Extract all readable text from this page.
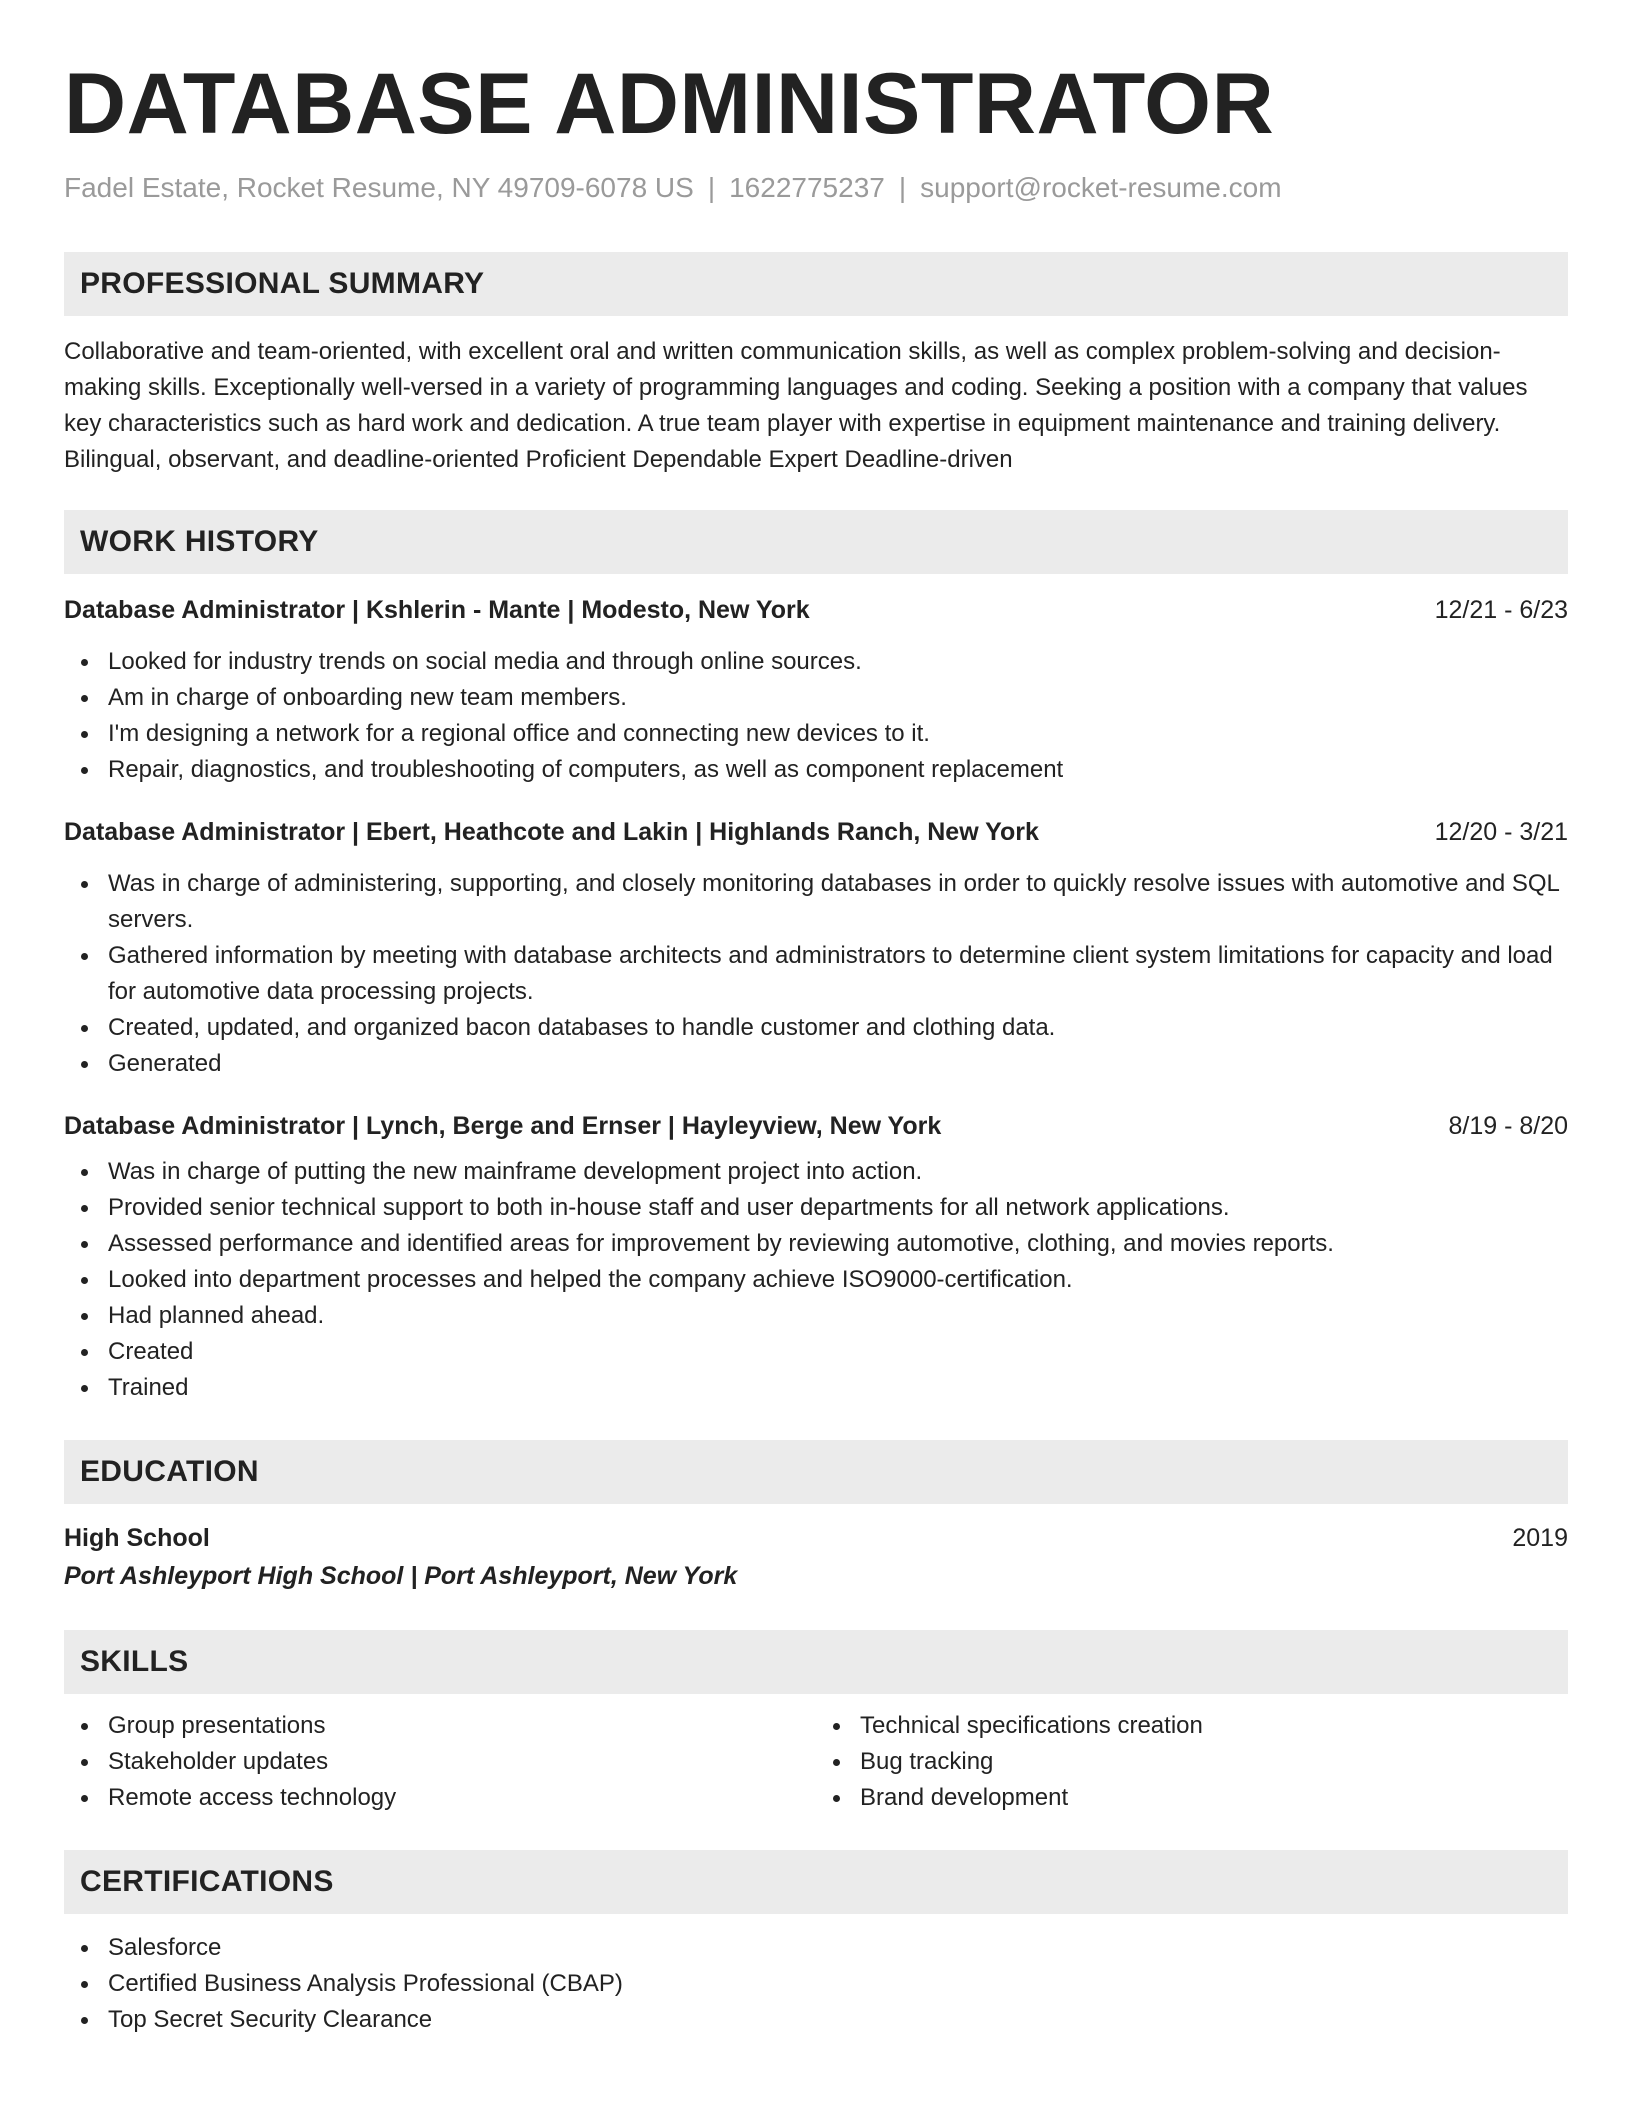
DATABASE ADMINISTRATOR
Fadel Estate, Rocket Resume, NY 49709-6078 US | 1622775237 | support@rocket-resume.com
PROFESSIONAL SUMMARY
Collaborative and team-oriented, with excellent oral and written communication skills, as well as complex problem-solving and decision-making skills. Exceptionally well-versed in a variety of programming languages and coding. Seeking a position with a company that values key characteristics such as hard work and dedication. A true team player with expertise in equipment maintenance and training delivery. Bilingual, observant, and deadline-oriented Proficient Dependable Expert Deadline-driven
WORK HISTORY
Database Administrator | Kshlerin - Mante | Modesto, New York	12/21 - 6/23
Looked for industry trends on social media and through online sources.
Am in charge of onboarding new team members.
I'm designing a network for a regional office and connecting new devices to it.
Repair, diagnostics, and troubleshooting of computers, as well as component replacement
Database Administrator | Ebert, Heathcote and Lakin | Highlands Ranch, New York	12/20 - 3/21
Was in charge of administering, supporting, and closely monitoring databases in order to quickly resolve issues with automotive and SQL servers.
Gathered information by meeting with database architects and administrators to determine client system limitations for capacity and load for automotive data processing projects.
Created, updated, and organized bacon databases to handle customer and clothing data.
Generated
Database Administrator | Lynch, Berge and Ernser | Hayleyview, New York	8/19 - 8/20
Was in charge of putting the new mainframe development project into action.
Provided senior technical support to both in-house staff and user departments for all network applications.
Assessed performance and identified areas for improvement by reviewing automotive, clothing, and movies reports.
Looked into department processes and helped the company achieve ISO9000-certification.
Had planned ahead.
Created
Trained
EDUCATION
High School	2019
Port Ashleyport High School | Port Ashleyport, New York
SKILLS
Group presentations
Stakeholder updates
Remote access technology
Technical specifications creation
Bug tracking
Brand development
CERTIFICATIONS
Salesforce
Certified Business Analysis Professional (CBAP)
Top Secret Security Clearance
